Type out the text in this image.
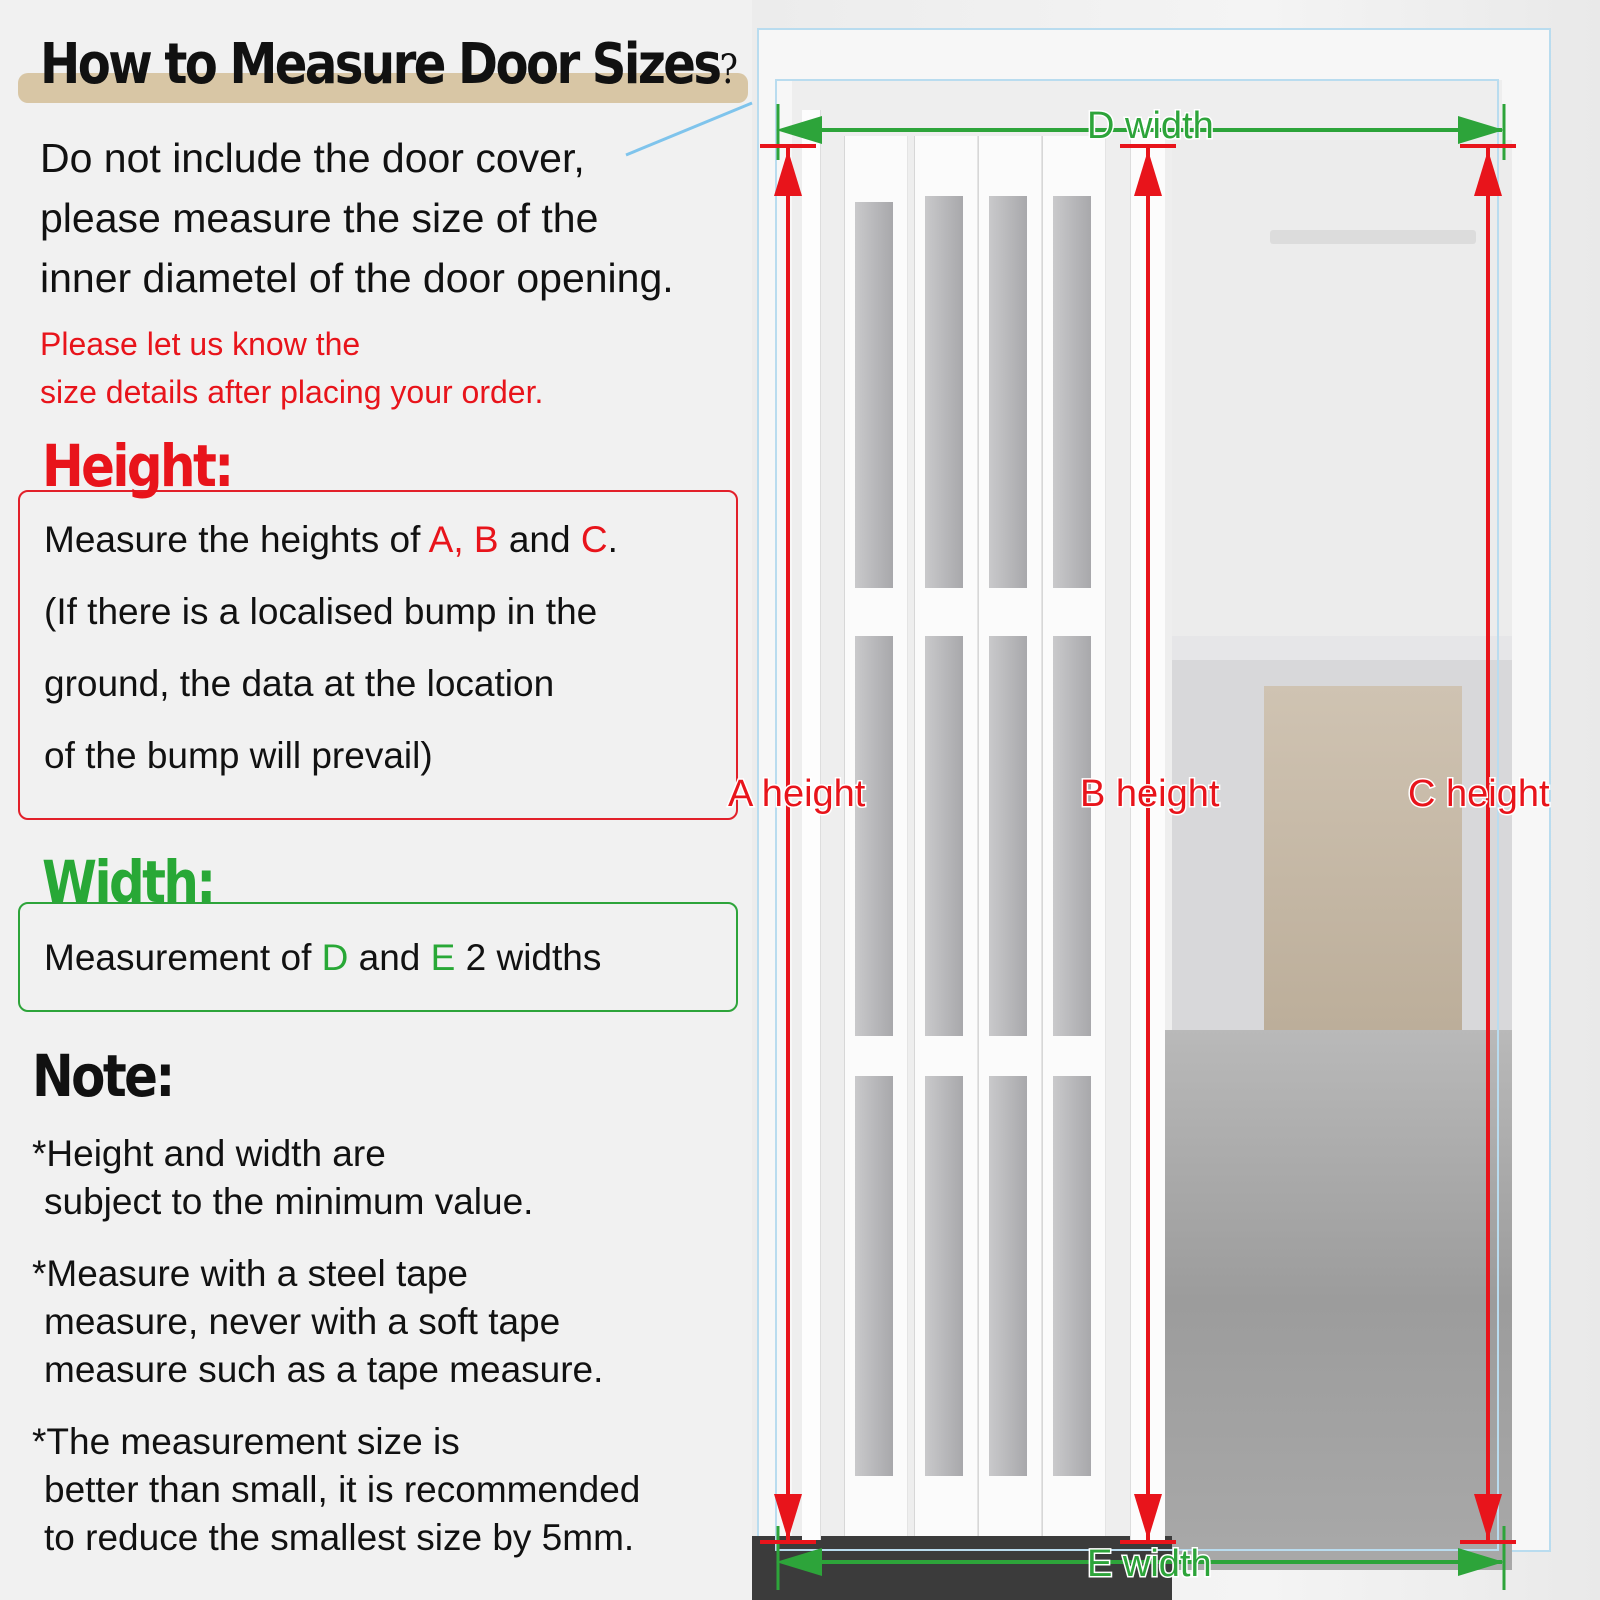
How to Measure Door Sizes?
Do not include the door cover,
please measure the size of the
inner diametel of the door opening.
Please let us know the
size details after placing your order.
Measure the heights of A, B and C.
(If there is a localised bump in the
ground, the data at the location
of the bump will prevail)
Height:
Measurement of D and E 2 widths
Width:
Note:
*Height and width are
subject to the minimum value.
*Measure with a steel tape
measure, never with a soft tape
measure such as a tape measure.
*The measurement size is
better than small, it is recommended
to reduce the smallest size by 5mm.
D width
E width
A height	B height	C height
